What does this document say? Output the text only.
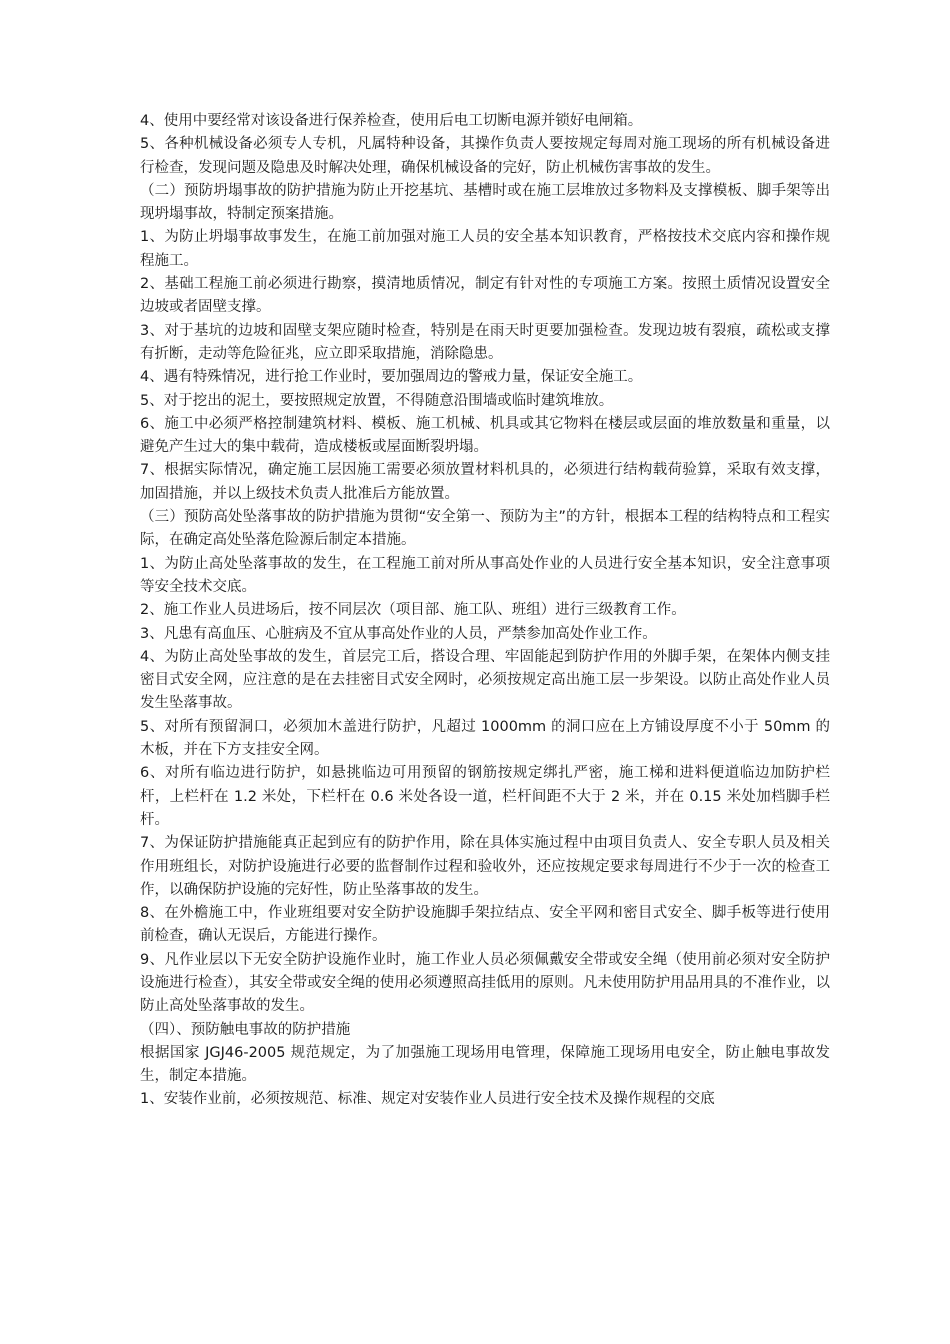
4、使用中要经常对该设备进行保养检查，使用后电工切断电源并锁好电闸箱。

5、各种机械设备必须专人专机，凡属特种设备，其操作负责人要按规定每周对施工现场的所有机械设备进行检查，发现问题及隐患及时解决处理，确保机械设备的完好，防止机械伤害事故的发生。

（二）预防坍塌事故的防护措施为防止开挖基坑、基槽时或在施工层堆放过多物料及支撑模板、脚手架等出现坍塌事故，特制定预案措施。

1、为防止坍塌事故事发生，在施工前加强对施工人员的安全基本知识教育，严格按技术交底内容和操作规程施工。

2、基础工程施工前必须进行勘察，摸清地质情况，制定有针对性的专项施工方案。按照土质情况设置安全边坡或者固壁支撑。

3、对于基坑的边坡和固壁支架应随时检查，特别是在雨天时更要加强检查。发现边坡有裂痕，疏松或支撑有折断，走动等危险征兆，应立即采取措施，消除隐患。

4、遇有特殊情况，进行抢工作业时，要加强周边的警戒力量，保证安全施工。

5、对于挖出的泥土，要按照规定放置，不得随意沿围墙或临时建筑堆放。

6、施工中必须严格控制建筑材料、模板、施工机械、机具或其它物料在楼层或层面的堆放数量和重量，以避免产生过大的集中载荷，造成楼板或屋面断裂坍塌。

7、根据实际情况，确定施工层因施工需要必须放置材料机具的，必须进行结构载荷验算，采取有效支撑，加固措施，并以上级技术负责人批准后方能放置。

（三）预防高处坠落事故的防护措施为贯彻“安全第一、预防为主”的方针，根据本工程的结构特点和工程实际，在确定高处坠落危险源后制定本措施。

1、为防止高处坠落事故的发生，在工程施工前对所从事高处作业的人员进行安全基本知识，安全注意事项等安全技术交底。

2、施工作业人员进场后，按不同层次（项目部、施工队、班组）进行三级教育工作。

3、凡患有高血压、心脏病及不宜从事高处作业的人员，严禁参加高处作业工作。

4、为防止高处坠事故的发生，首层完工后，搭设合理、牢固能起到防护作用的外脚手架，在架体内侧支挂密目式安全网，应注意的是在去挂密目式安全网时，必须按规定高出施工层一步架设。以防止高处作业人员发生坠落事故。

5、对所有预留洞口，必须加木盖进行防护，凡超过 1000mm 的洞口应在上方铺设厚度不小于 50mm 的木板，并在下方支挂安全网。

6、对所有临边进行防护，如悬挑临边可用预留的钢筋按规定绑扎严密，施工梯和进料便道临边加防护栏杆，上栏杆在 1.2 米处，下栏杆在 0.6 米处各设一道，栏杆间距不大于 2 米，并在 0.15 米处加档脚手栏杆。

7、为保证防护措施能真正起到应有的防护作用，除在具体实施过程中由项目负责人、安全专职人员及相关作用班组长，对防护设施进行必要的监督制作过程和验收外，还应按规定要求每周进行不少于一次的检查工作，以确保防护设施的完好性，防止坠落事故的发生。

8、在外檐施工中，作业班组要对安全防护设施脚手架拉结点、安全平网和密目式安全、脚手板等进行使用前检查，确认无误后，方能进行操作。

9、凡作业层以下无安全防护设施作业时，施工作业人员必须佩戴安全带或安全绳（使用前必须对安全防护设施进行检查），其安全带或安全绳的使用必须遵照高挂低用的原则。凡未使用防护用品用具的不准作业，以防止高处坠落事故的发生。

（四）、预防触电事故的防护措施

根据国家 JGJ46-2005 规范规定，为了加强施工现场用电管理，保障施工现场用电安全，防止触电事故发生，制定本措施。

1、安装作业前，必须按规范、标准、规定对安装作业人员进行安全技术及操作规程的交底
